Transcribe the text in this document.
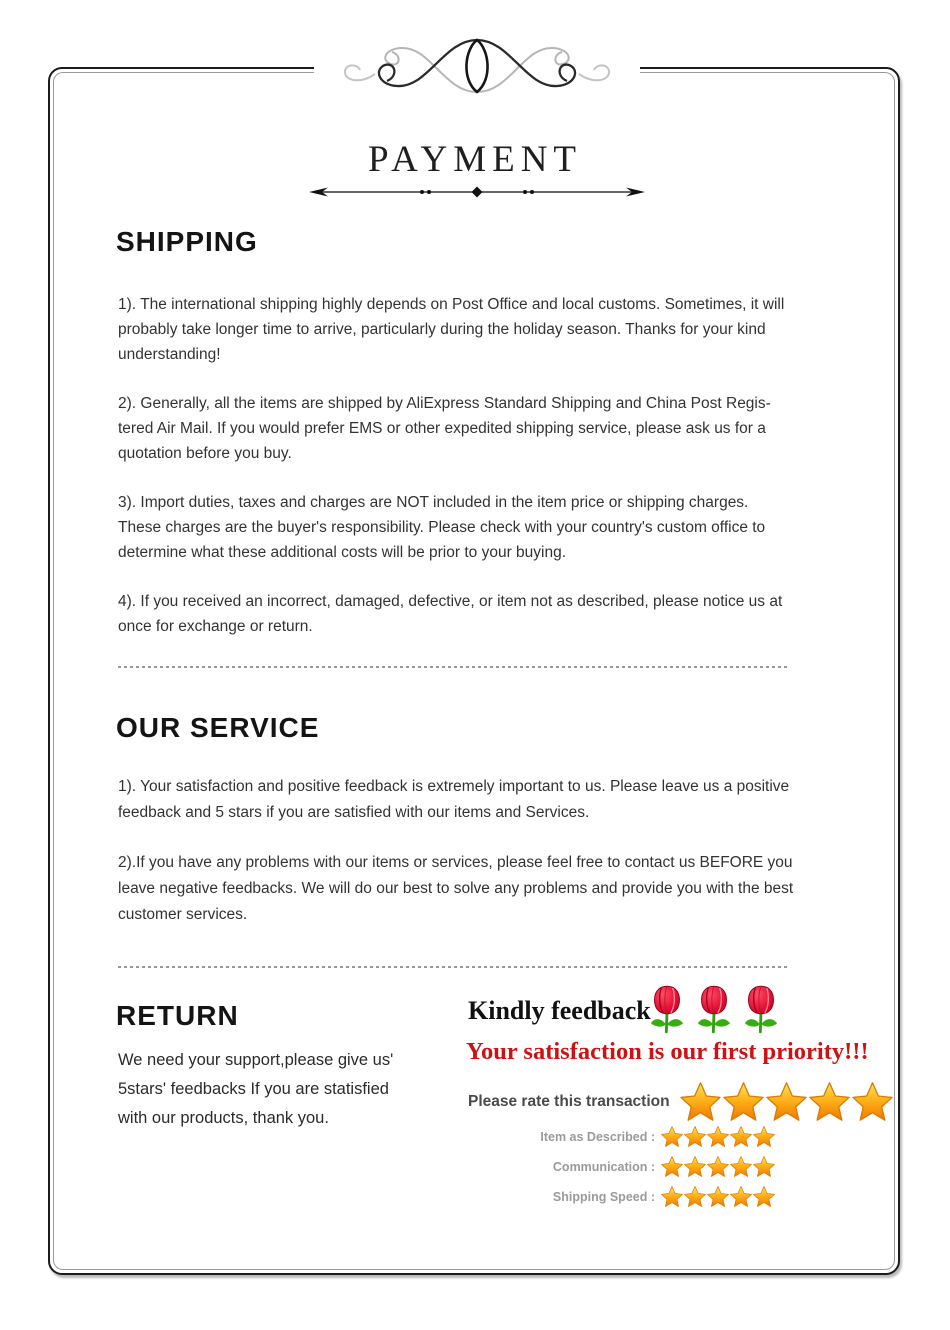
PAYMENT
SHIPPING
1). The international shipping highly depends on Post Office and local customs. Sometimes, it will
probably take longer time to arrive, particularly during the holiday season. Thanks for your kind
understanding!
2). Generally, all the items are shipped by AliExpress Standard Shipping and China Post Regis-
tered Air Mail. If you would prefer EMS or other expedited shipping service, please ask us for a
quotation before you buy.
3). Import duties, taxes and charges are NOT included in the item price or shipping charges.
These charges are the buyer's responsibility. Please check with your country's custom office to
determine what these additional costs will be prior to your buying.
4). If you received an incorrect, damaged, defective, or item not as described, please notice us at
once for exchange or return.
OUR SERVICE
1). Your satisfaction and positive feedback is extremely important to us. Please leave us a positive
feedback and 5 stars if you are satisfied with our items and Services.
2).If you have any problems with our items or services, please feel free to contact us BEFORE you
leave negative feedbacks. We will do our best to solve any problems and provide you with the best
customer services.
RETURN
We need your support,please give us'
5stars' feedbacks If you are statisfied
with our products, thank you.
Kindly feedback
Your satisfaction is our first priority!!!
Please rate this transaction
Item as Described :
Communication :
Shipping Speed :
